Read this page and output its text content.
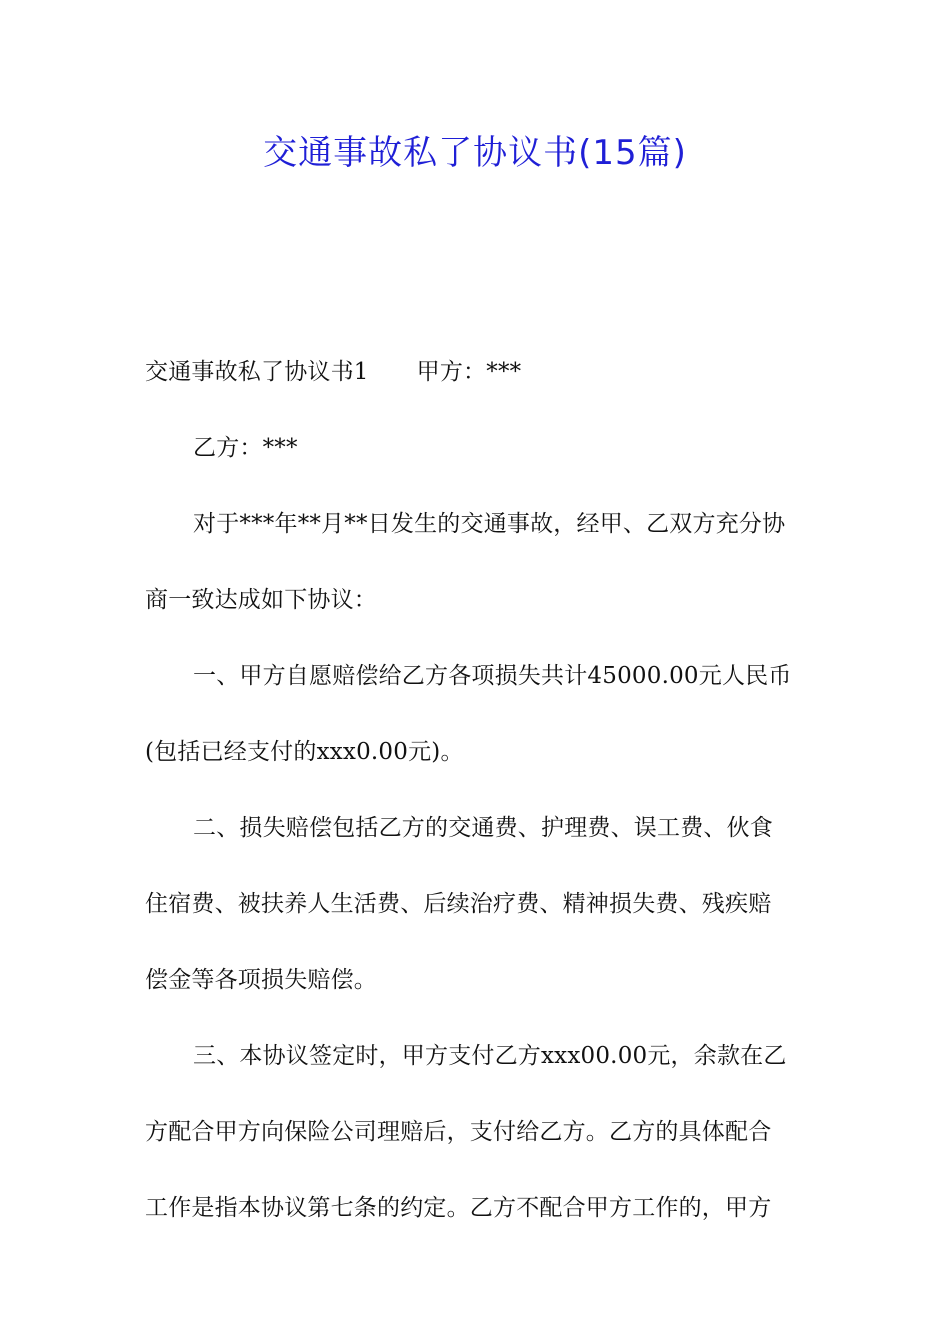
交通事故私了协议书(15篇)

交通事故私了协议书1 甲方：***

乙方：***

对于***年**月**日发生的交通事故，经甲、乙双方充分协
商一致达成如下协议：

一、甲方自愿赔偿给乙方各项损失共计45000.00元人民币
(包括已经支付的xxx0.00元)。

二、损失赔偿包括乙方的交通费、护理费、误工费、伙食
住宿费、被扶养人生活费、后续治疗费、精神损失费、残疾赔
偿金等各项损失赔偿。

三、本协议签定时，甲方支付乙方xxx00.00元，余款在乙
方配合甲方向保险公司理赔后，支付给乙方。乙方的具体配合
工作是指本协议第七条的约定。乙方不配合甲方工作的，甲方
